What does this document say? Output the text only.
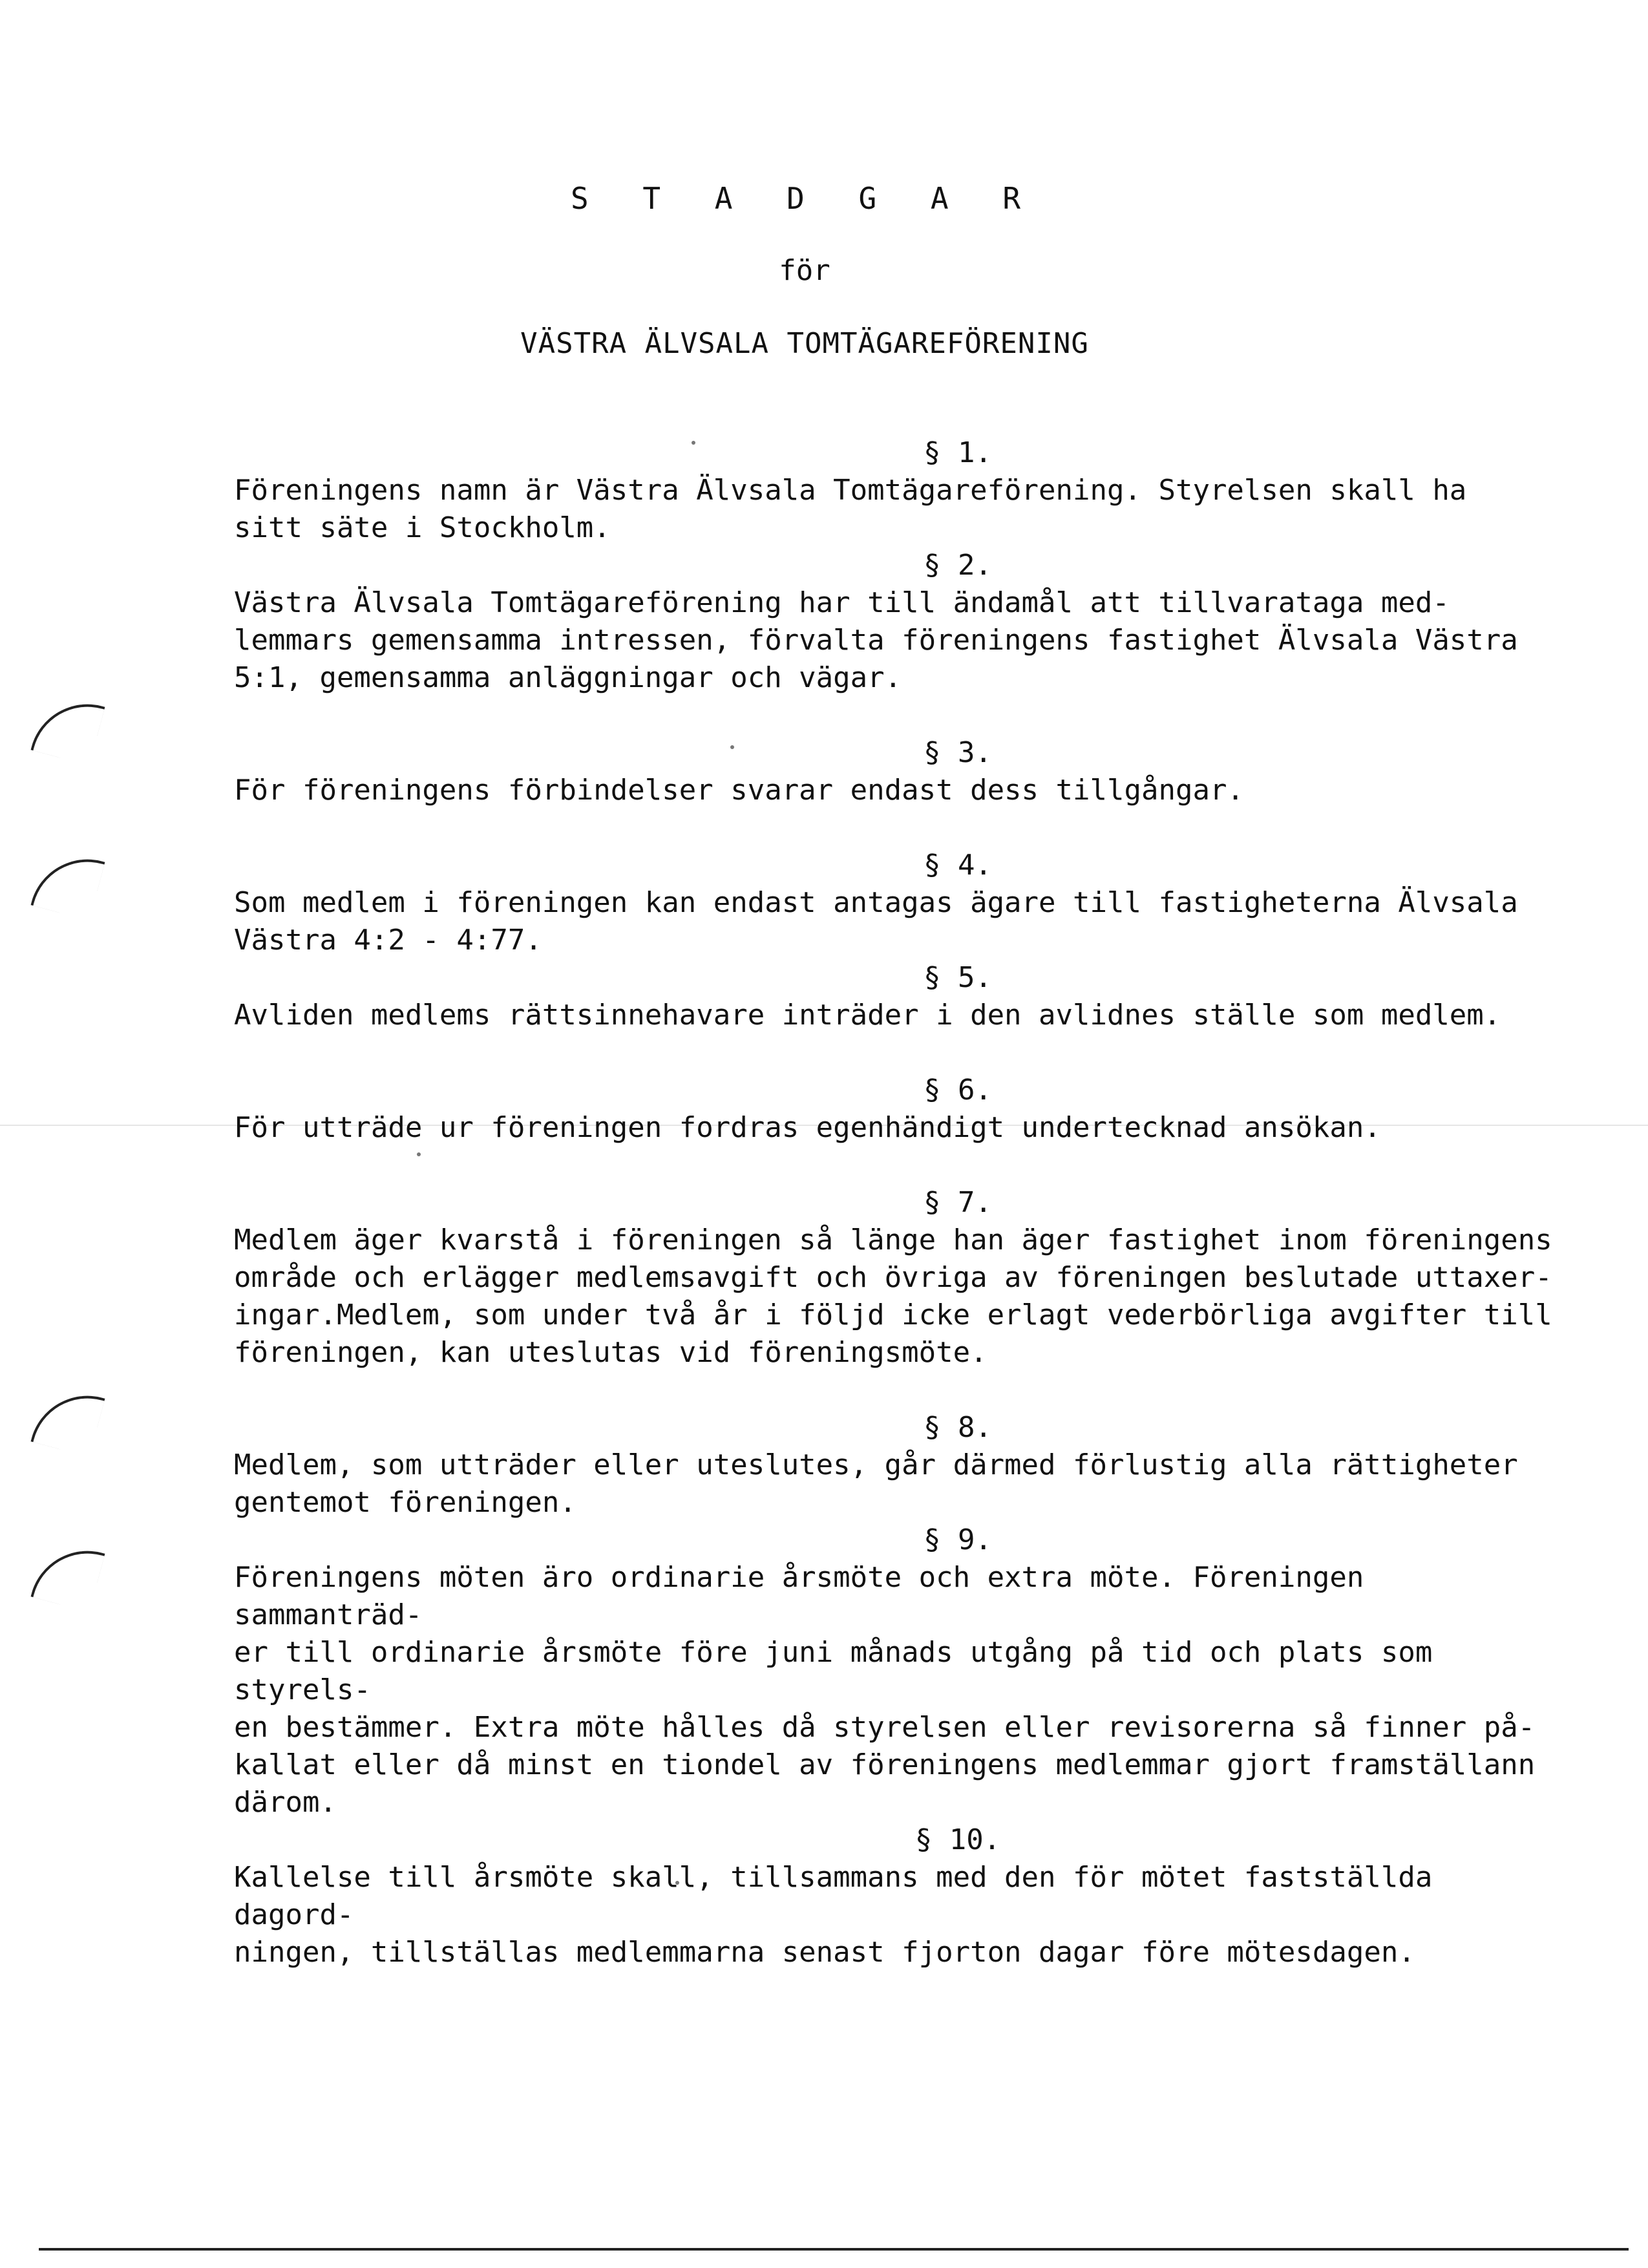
S T A D G A R
för
VÄSTRA ÄLVSALA TOMTÄGAREFÖRENING
§ 1.
Föreningens namn är Västra Älvsala Tomtägareförening. Styrelsen skall ha
sitt säte i Stockholm.
§ 2.
Västra Älvsala Tomtägareförening har till ändamål att tillvaratagа med-
lemmars gemensamma intressen, förvalta föreningens fastighet Älvsala Västra
5:1, gemensamma anläggningar och vägar.
§ 3.
För föreningens förbindelser svarar endast dess tillgångar.
§ 4.
Som medlem i föreningen kan endast antagas ägare till fastigheterna Älvsala
Västra 4:2 - 4:77.
§ 5.
Avliden medlems rättsinnehavare inträder i den avlidnes ställe som medlem.
§ 6.
För utträde ur föreningen fordras egenhändigt undertecknad ansökan.
§ 7.
Medlem äger kvarstå i föreningen så länge han äger fastighet inom föreningens
område och erlägger medlemsavgift och övriga av föreningen beslutade uttaxer-
ingar.Medlem, som under två år i följd icke erlagt vederbörliga avgifter till
föreningen, kan uteslutas vid föreningsmöte.
§ 8.
Medlem, som utträder eller uteslutes, går därmed förlustig alla rättigheter
gentemot föreningen.
§ 9.
Föreningens möten äro ordinarie årsmöte och extra möte. Föreningen sammanträd-
er till ordinarie årsmöte före juni månads utgång på tid och plats som styrels-
en bestämmer. Extra möte hålles då styrelsen eller revisorerna så finner på-
kallat eller då minst en tiondel av föreningens medlemmar gjort framställann
därom.
§ 10.
Kallelse till årsmöte skall, tillsammans med den för mötet fastställda dagord-
ningen, tillställas medlemmarna senast fjorton dagar före mötesdagen.
